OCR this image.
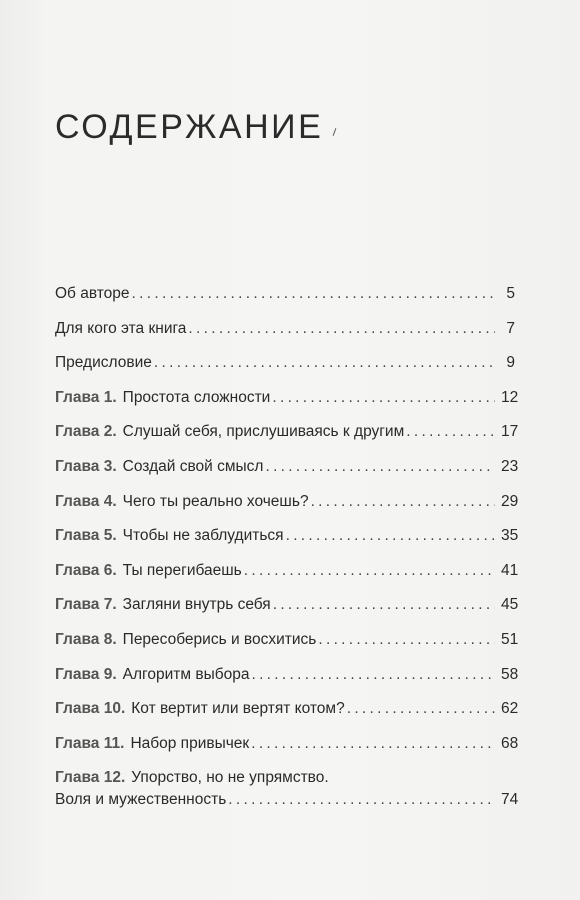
СОДЕРЖАНИЕ
Об авторе . . .	5
Для кого эта книга . . .	7
Предисловие . . .	9
Глава 1. Простота сложности . . .	12
Глава 2. Слушай себя, прислушиваясь к другим . . .	17
Глава 3. Создай свой смысл . . .	23
Глава 4. Чего ты реально хочешь? . . .	29
Глава 5. Чтобы не заблудиться . . .	35
Глава 6. Ты перегибаешь . . .	41
Глава 7. Загляни внутрь себя . . .	45
Глава 8. Пересоберись и восхитись . . .	51
Глава 9. Алгоритм выбора . . .	58
Глава 10. Кот вертит или вертят котом? . . .	62
Глава 11. Набор привычек . . .	68
Глава 12. Упорство, но не упрямство.
Воля и мужественность . . .	74
